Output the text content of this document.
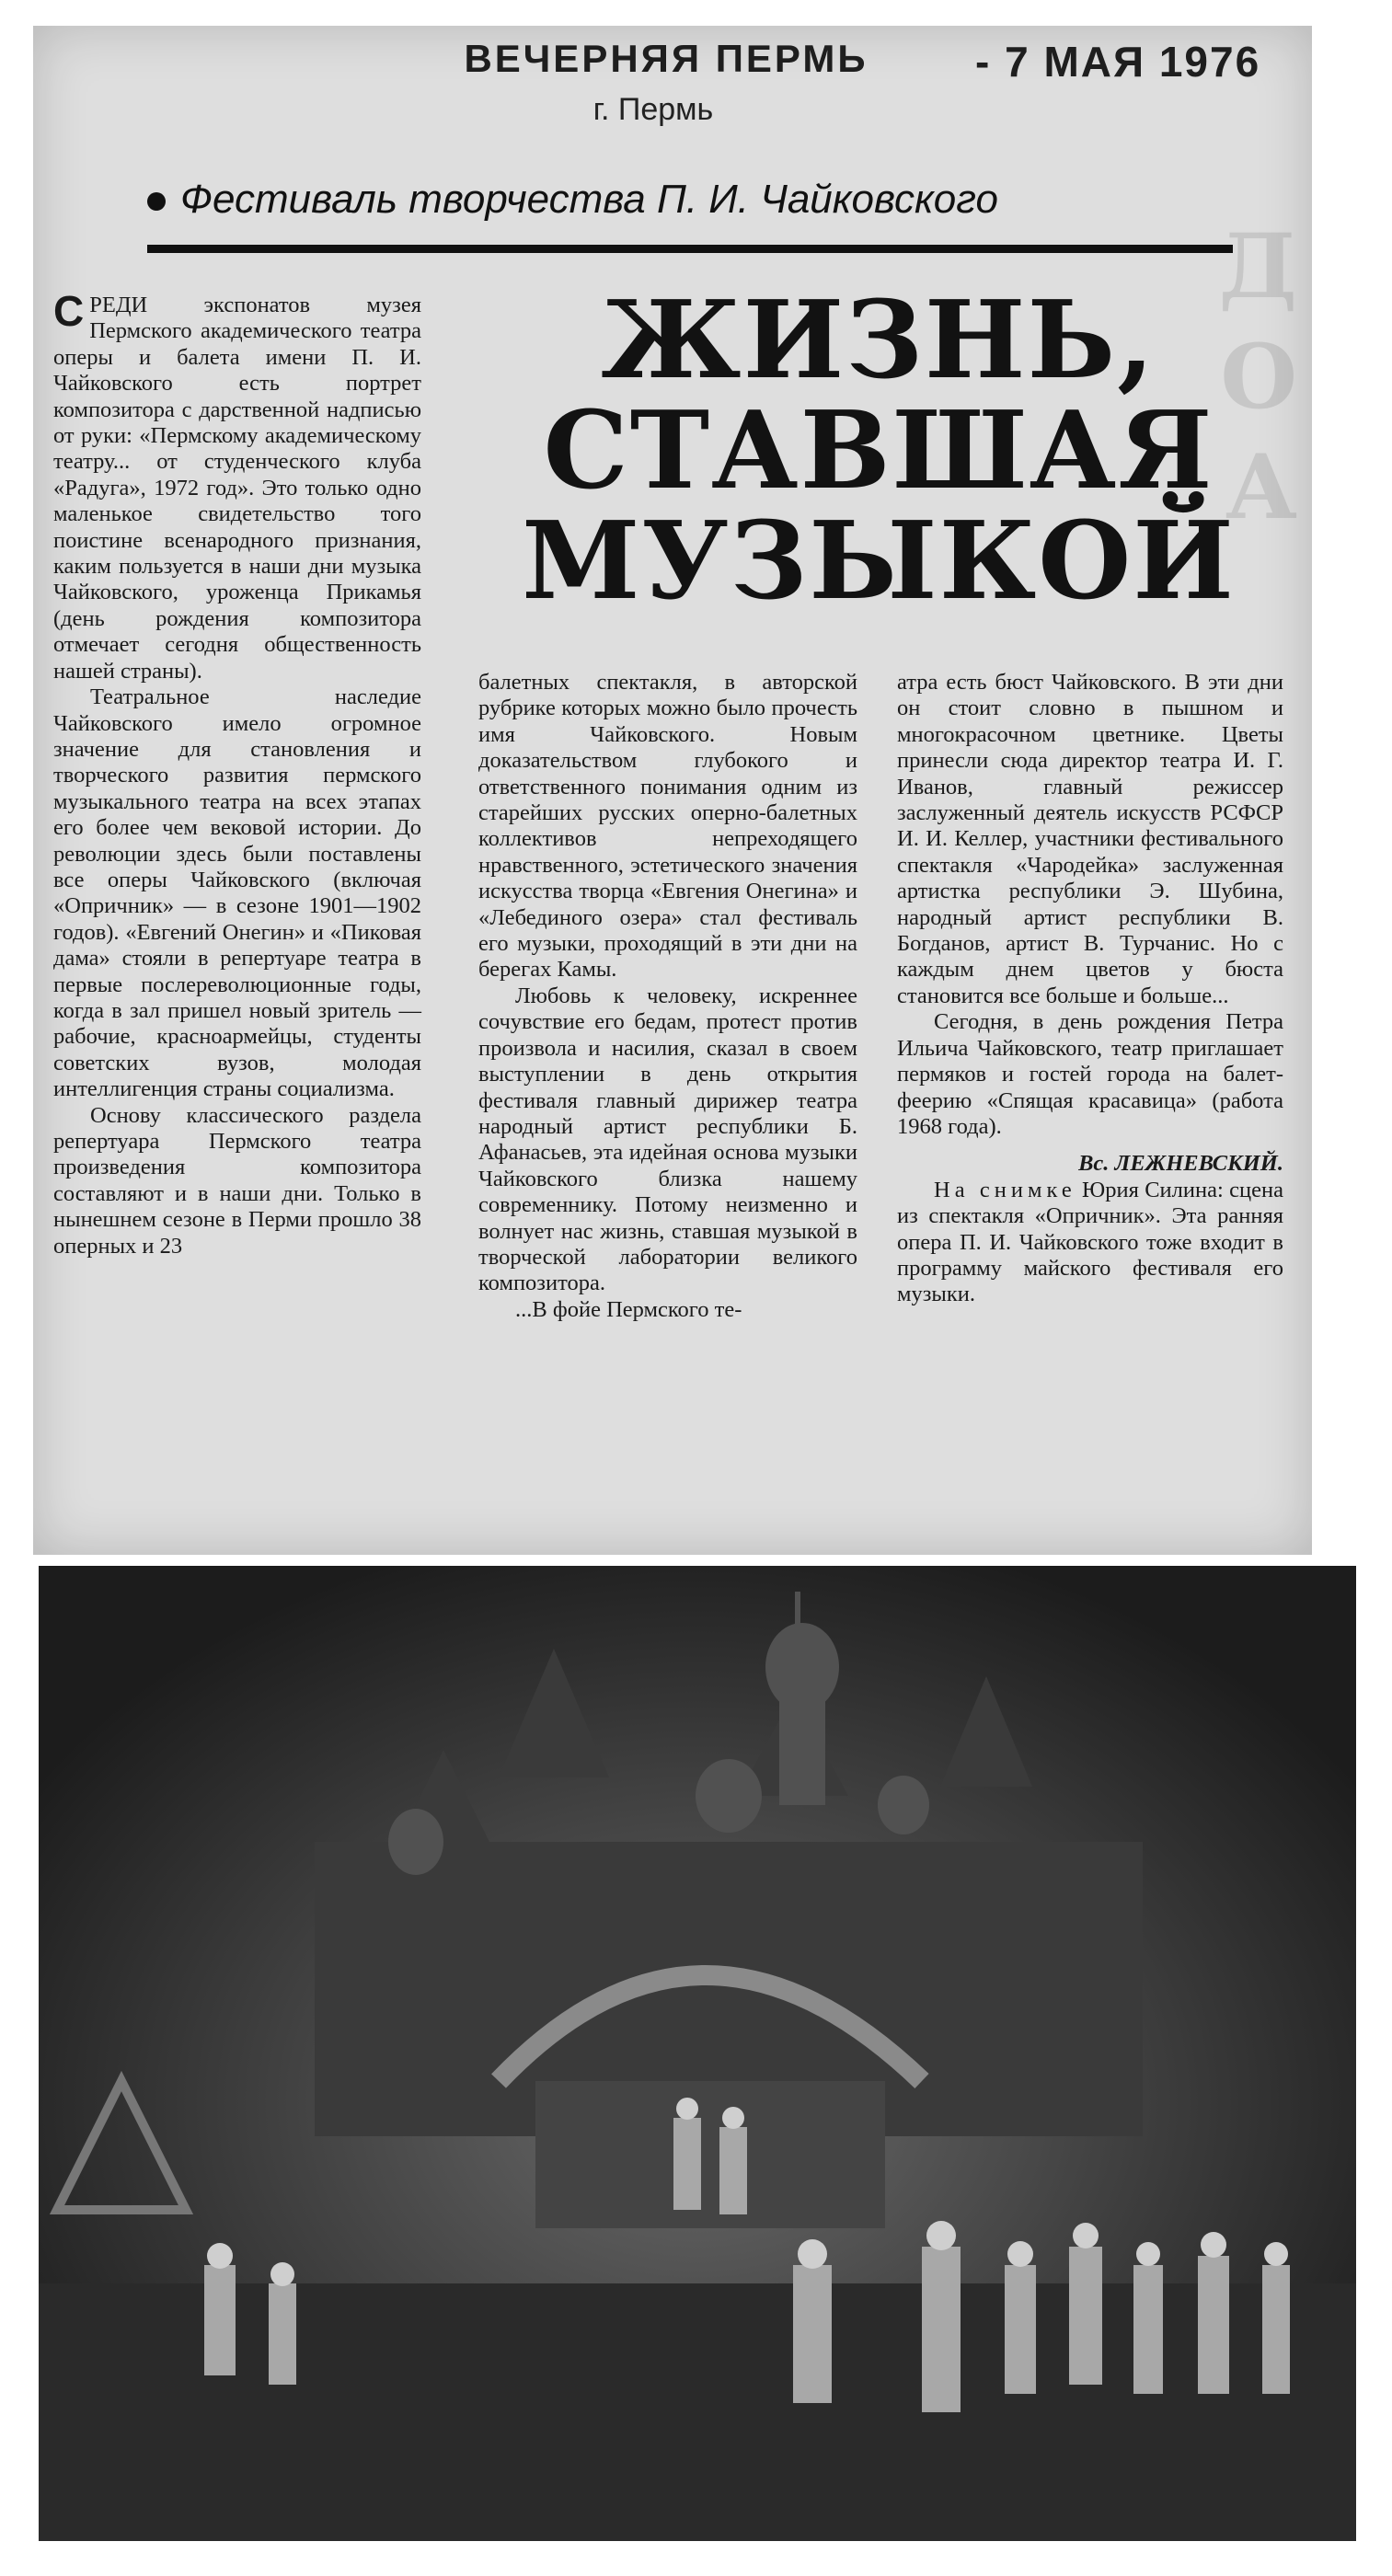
ВЕЧЕРНЯЯ ПЕРМЬ	- 7 МАЯ 1976
г. Пермь
Фестиваль творчества П. И. Чайковского
ЖИЗНЬ,
СТАВШАЯ
МУЗЫКОЙ

СРЕДИ экспонатов музея Пермского академического театра оперы и балета имени П. И. Чайковского есть портрет композитора с дарственной надписью от руки: «Пермскому академическому театру... от студенческого клуба «Радуга», 1972 год». Это только одно маленькое свидетельство того поистине всенародного признания, каким пользуется в наши дни музыка Чайковского, уроженца Прикамья (день рождения композитора отмечает сегодня общественность нашей страны).

Театральное наследие Чайковского имело огромное значение для становления и творческого развития пермского музыкального театра на всех этапах его более чем вековой истории. До революции здесь были поставлены все оперы Чайковского (включая «Опричник» — в сезоне 1901—1902 годов). «Евгений Онегин» и «Пиковая дама» стояли в репертуаре театра в первые послереволюционные годы, когда в зал пришел новый зритель — рабочие, красноармейцы, студенты советских вузов, молодая интеллигенция страны социализма.

Основу классического раздела репертуара Пермского театра произведения композитора составляют и в наши дни. Только в нынешнем сезоне в Перми прошло 38 оперных и 23

балетных спектакля, в авторской рубрике которых можно было прочесть имя Чайковского. Новым доказательством глубокого и ответственного понимания одним из старейших русских оперно-балетных коллективов непреходящего нравственного, эстетического значения искусства творца «Евгения Онегина» и «Лебединого озера» стал фестиваль его музыки, проходящий в эти дни на берегах Камы.

Любовь к человеку, искреннее сочувствие его бедам, протест против произвола и насилия, сказал в своем выступлении в день открытия фестиваля главный дирижер театра народный артист республики Б. Афанасьев, эта идейная основа музыки Чайковского близка нашему современнику. Потому неизменно и волнует нас жизнь, ставшая музыкой в творческой лаборатории великого композитора.

...В фойе Пермского те-

атра есть бюст Чайковского. В эти дни он стоит словно в пышном и многокрасочном цветнике. Цветы принесли сюда директор театра И. Г. Иванов, главный режиссер заслуженный деятель искусств РСФСР И. И. Келлер, участники фестивального спектакля «Чародейка» заслуженная артистка республики Э. Шубина, народный артист республики В. Богданов, артист В. Турчанис. Но с каждым днем цветов у бюста становится все больше и больше...

Сегодня, в день рождения Петра Ильича Чайковского, театр приглашает пермяков и гостей города на балет-феерию «Спящая красавица» (работа 1968 года).

Вс. ЛЕЖНЕВСКИЙ.

На снимке Юрия Силина: сцена из спектакля «Опричник». Эта ранняя опера П. И. Чайковского тоже входит в программу майского фестиваля его музыки.
